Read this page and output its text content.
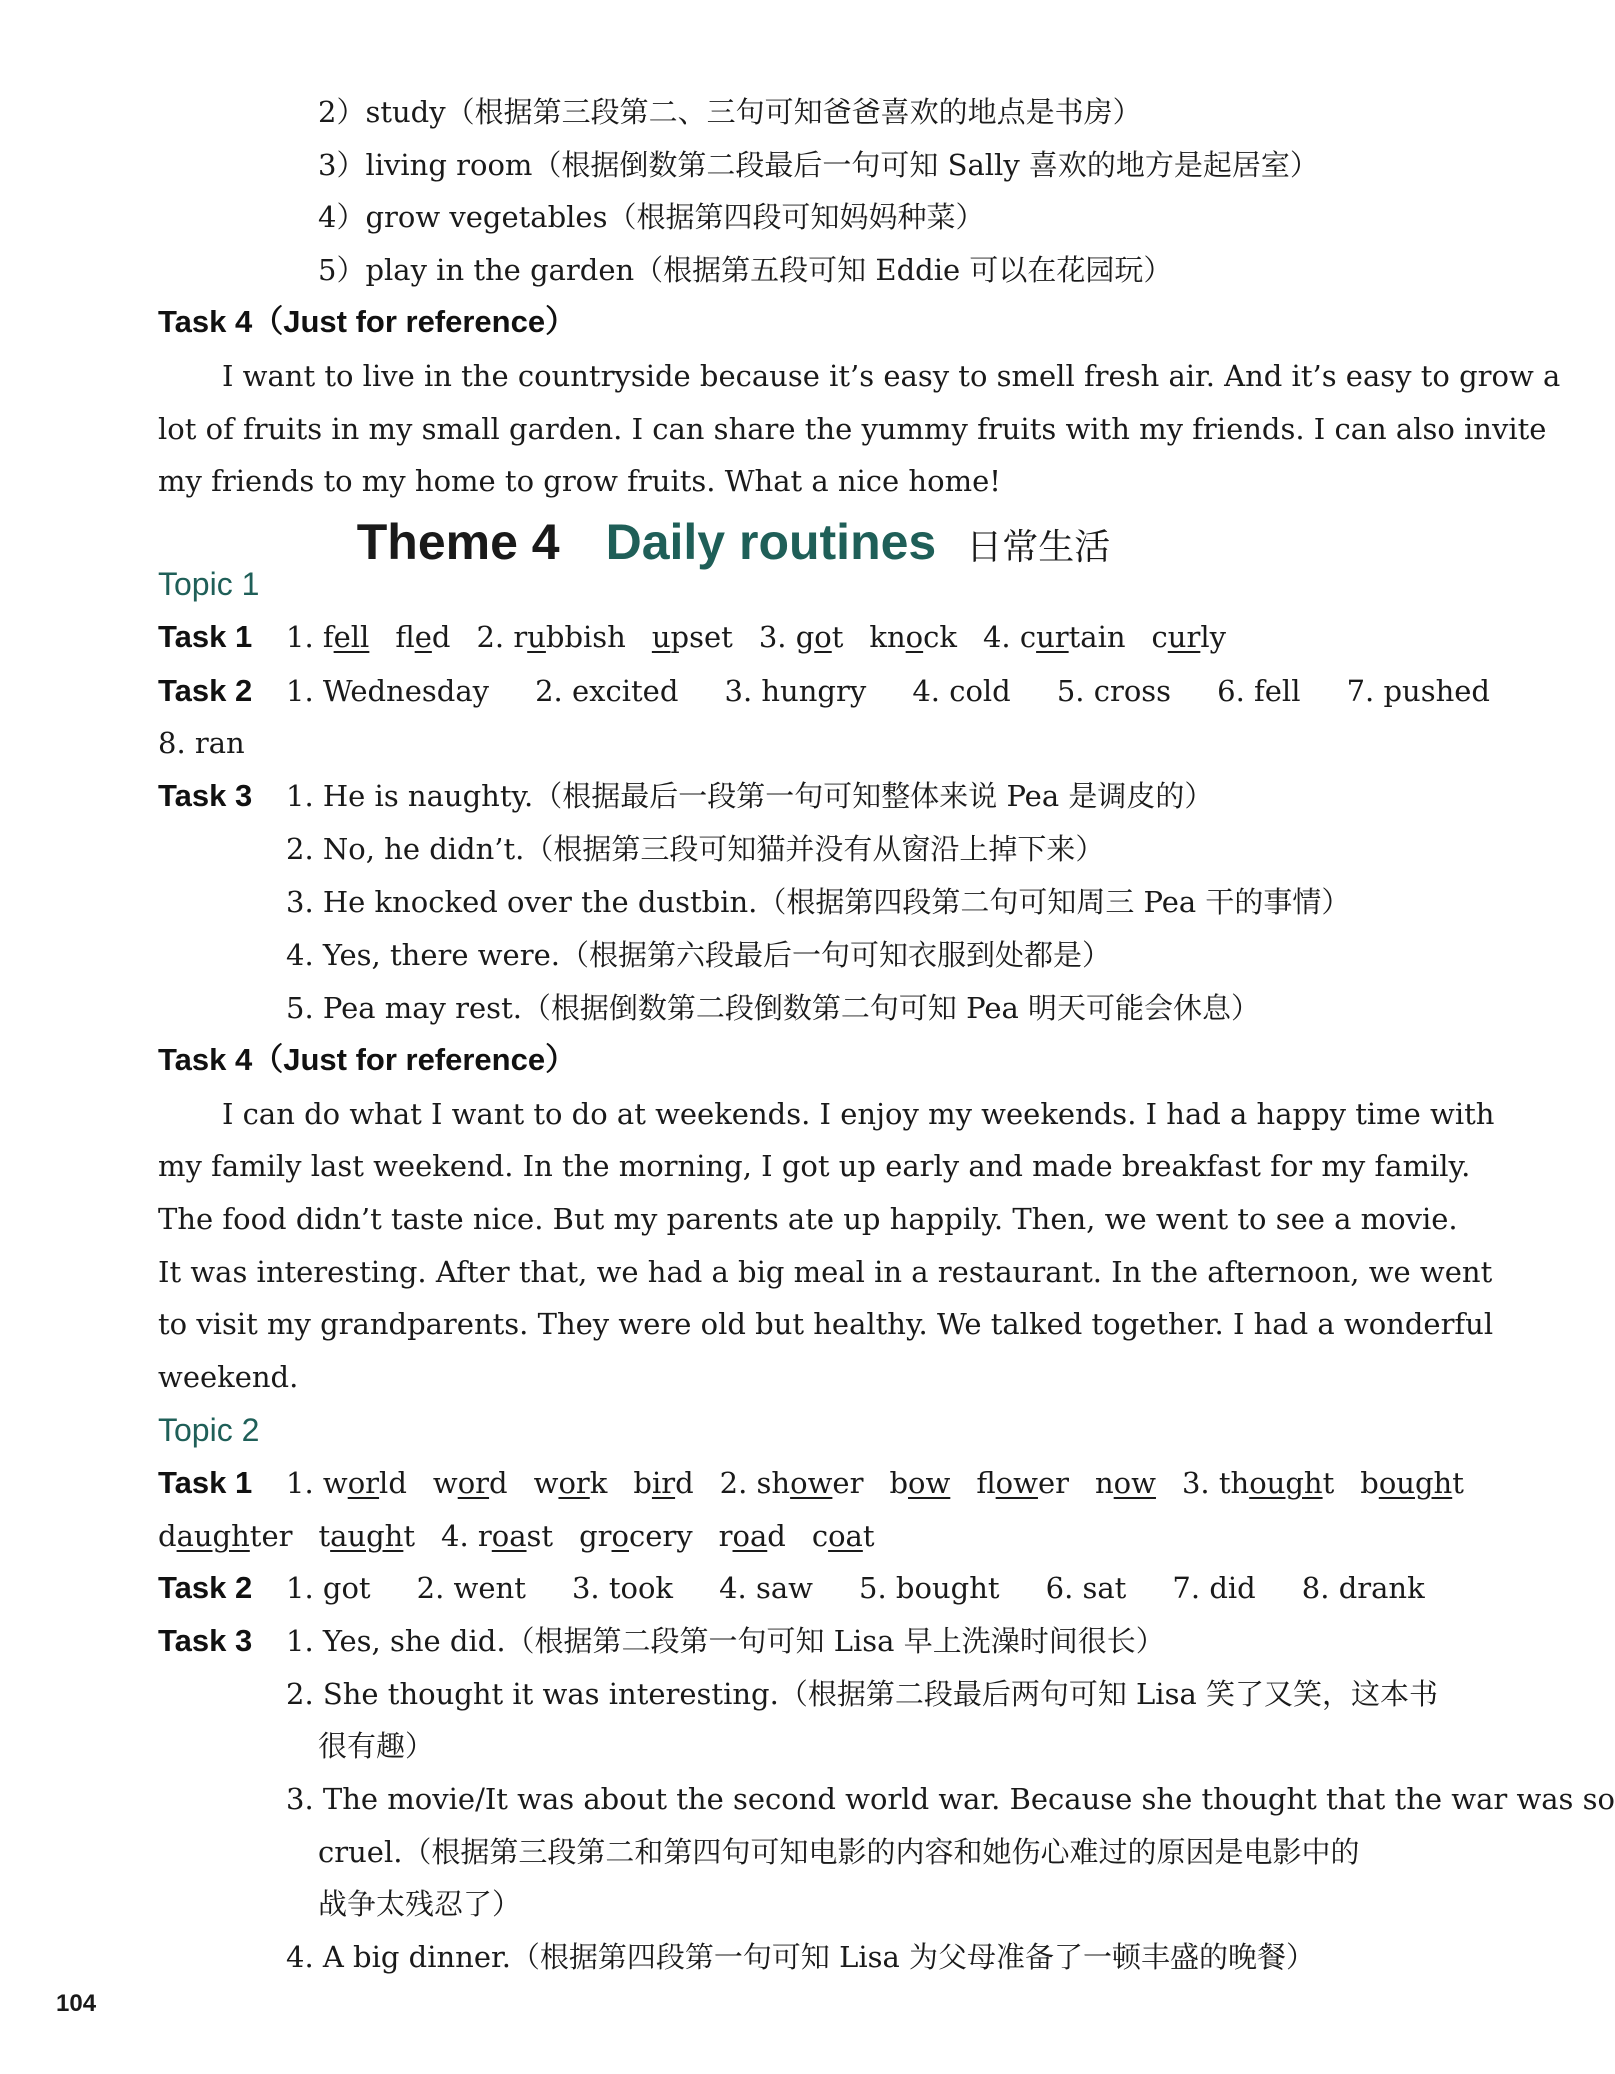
2）study（根据第三段第二、三句可知爸爸喜欢的地点是书房）
3）living room（根据倒数第二段最后一句可知 Sally 喜欢的地方是起居室）
4）grow vegetables（根据第四段可知妈妈种菜）
5）play in the garden（根据第五段可知 Eddie 可以在花园玩）
Task 4（Just for reference）
I want to live in the countryside because it’s easy to smell fresh air. And it’s easy to grow a
lot of fruits in my small garden. I can share the yummy fruits with my friends. I can also invite
my friends to my home to grow fruits. What a nice home!
Theme 4 Daily routines 日常生活
Topic 1
Task 1 1. fell fled 2. rubbish upset 3. got knock 4. curtain curly
Task 2 1. Wednesday     2. excited     3. hungry     4. cold     5. cross     6. fell     7. pushed
8. ran
Task 3 1. He is naughty.（根据最后一段第一句可知整体来说 Pea 是调皮的）
2. No, he didn’t.（根据第三段可知猫并没有从窗沿上掉下来）
3. He knocked over the dustbin.（根据第四段第二句可知周三 Pea 干的事情）
4. Yes, there were.（根据第六段最后一句可知衣服到处都是）
5. Pea may rest.（根据倒数第二段倒数第二句可知 Pea 明天可能会休息）
Task 4（Just for reference）
I can do what I want to do at weekends. I enjoy my weekends. I had a happy time with
my family last weekend. In the morning, I got up early and made breakfast for my family.
The food didn’t taste nice. But my parents ate up happily. Then, we went to see a movie.
It was interesting. After that, we had a big meal in a restaurant. In the afternoon, we went
to visit my grandparents. They were old but healthy. We talked together. I had a wonderful
weekend.
Topic 2
Task 1 1. world word work bird 2. shower bow flower now 3. thought bought
daughter taught 4. roast grocery road coat
Task 2 1. got     2. went     3. took     4. saw     5. bought     6. sat     7. did     8. drank
Task 3 1. Yes, she did.（根据第二段第一句可知 Lisa 早上洗澡时间很长）
2. She thought it was interesting.（根据第二段最后两句可知 Lisa 笑了又笑，这本书
很有趣）
3. The movie/It was about the second world war. Because she thought that the war was so
cruel.（根据第三段第二和第四句可知电影的内容和她伤心难过的原因是电影中的
战争太残忍了）
4. A big dinner.（根据第四段第一句可知 Lisa 为父母准备了一顿丰盛的晚餐）
104
